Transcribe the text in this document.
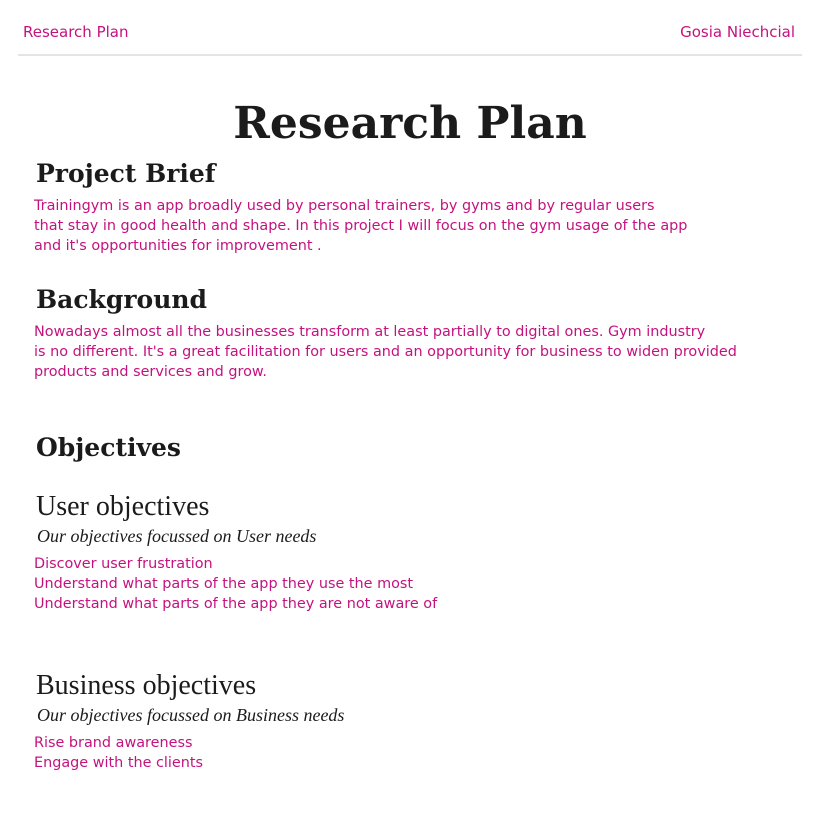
Research Plan	Gosia Niechcial
Research Plan
Project Brief
Trainingym is an app broadly used by personal trainers, by gyms and by regular users
that stay in good health and shape. In this project I will focus on the gym usage of the app
and it's opportunities for improvement .
Background
Nowadays almost all the businesses transform at least partially to digital ones. Gym industry
is no different. It's a great facilitation for users and an opportunity for business to widen provided
products and services and grow.
Objectives
User objectives
Our objectives focussed on User needs
Discover user frustration
Understand what parts of the app they use the most
Understand what parts of the app they are not aware of
Business objectives
Our objectives focussed on Business needs
Rise brand awareness
Engage with the clients
